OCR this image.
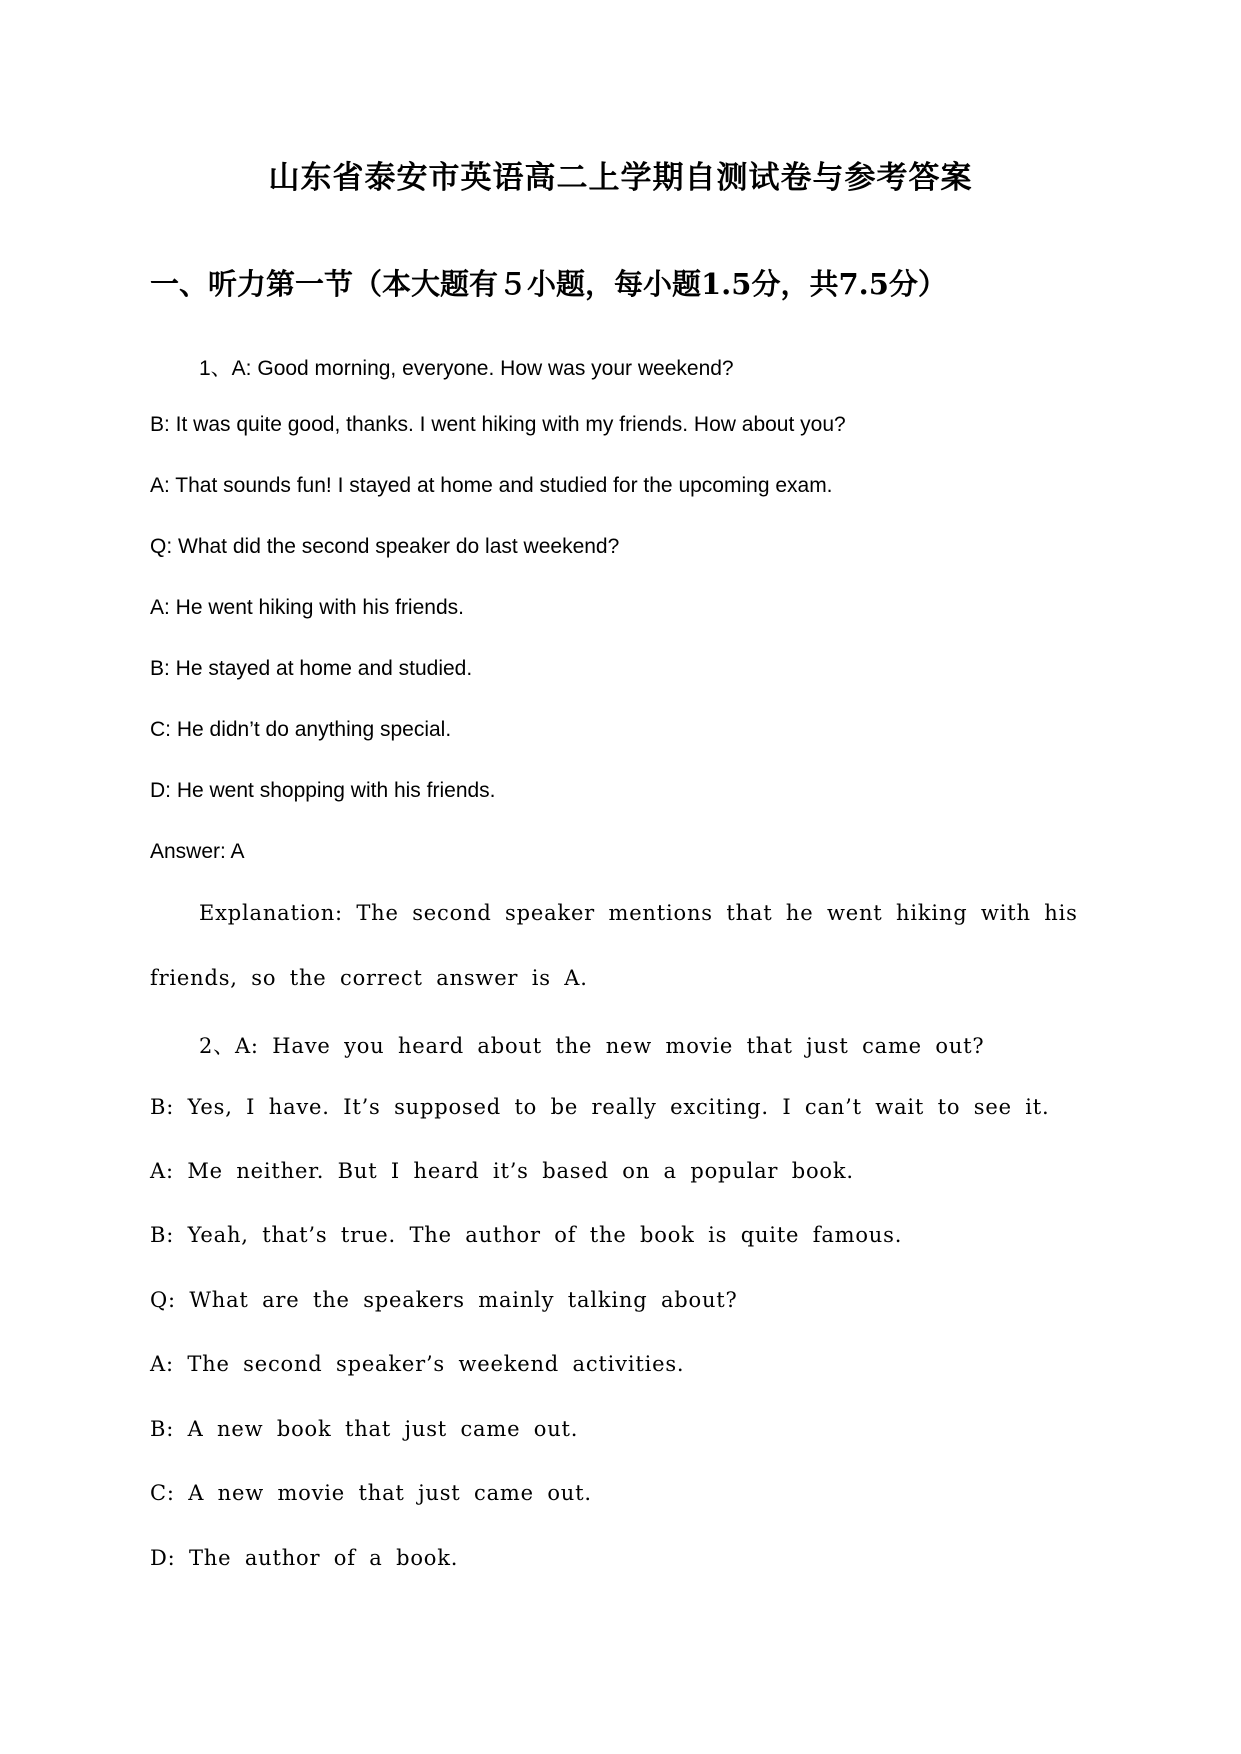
山东省泰安市英语高二上学期自测试卷与参考答案
一、听力第一节（本大题有５小题，每小题1.5分，共7.5分）

1、A: Good morning, everyone. How was your weekend?

B: It was quite good, thanks. I went hiking with my friends. How about you?

A: That sounds fun! I stayed at home and studied for the upcoming exam.

Q: What did the second speaker do last weekend?

A: He went hiking with his friends.

B: He stayed at home and studied.

C: He didn’t do anything special.

D: He went shopping with his friends.

Answer: A

Explanation: The second speaker mentions that he went hiking with his

friends, so the correct answer is A.

2、A: Have you heard about the new movie that just came out?

B: Yes, I have. It’s supposed to be really exciting. I can’t wait to see it.

A: Me neither. But I heard it’s based on a popular book.

B: Yeah, that’s true. The author of the book is quite famous.

Q: What are the speakers mainly talking about?

A: The second speaker’s weekend activities.

B: A new book that just came out.

C: A new movie that just came out.

D: The author of a book.
